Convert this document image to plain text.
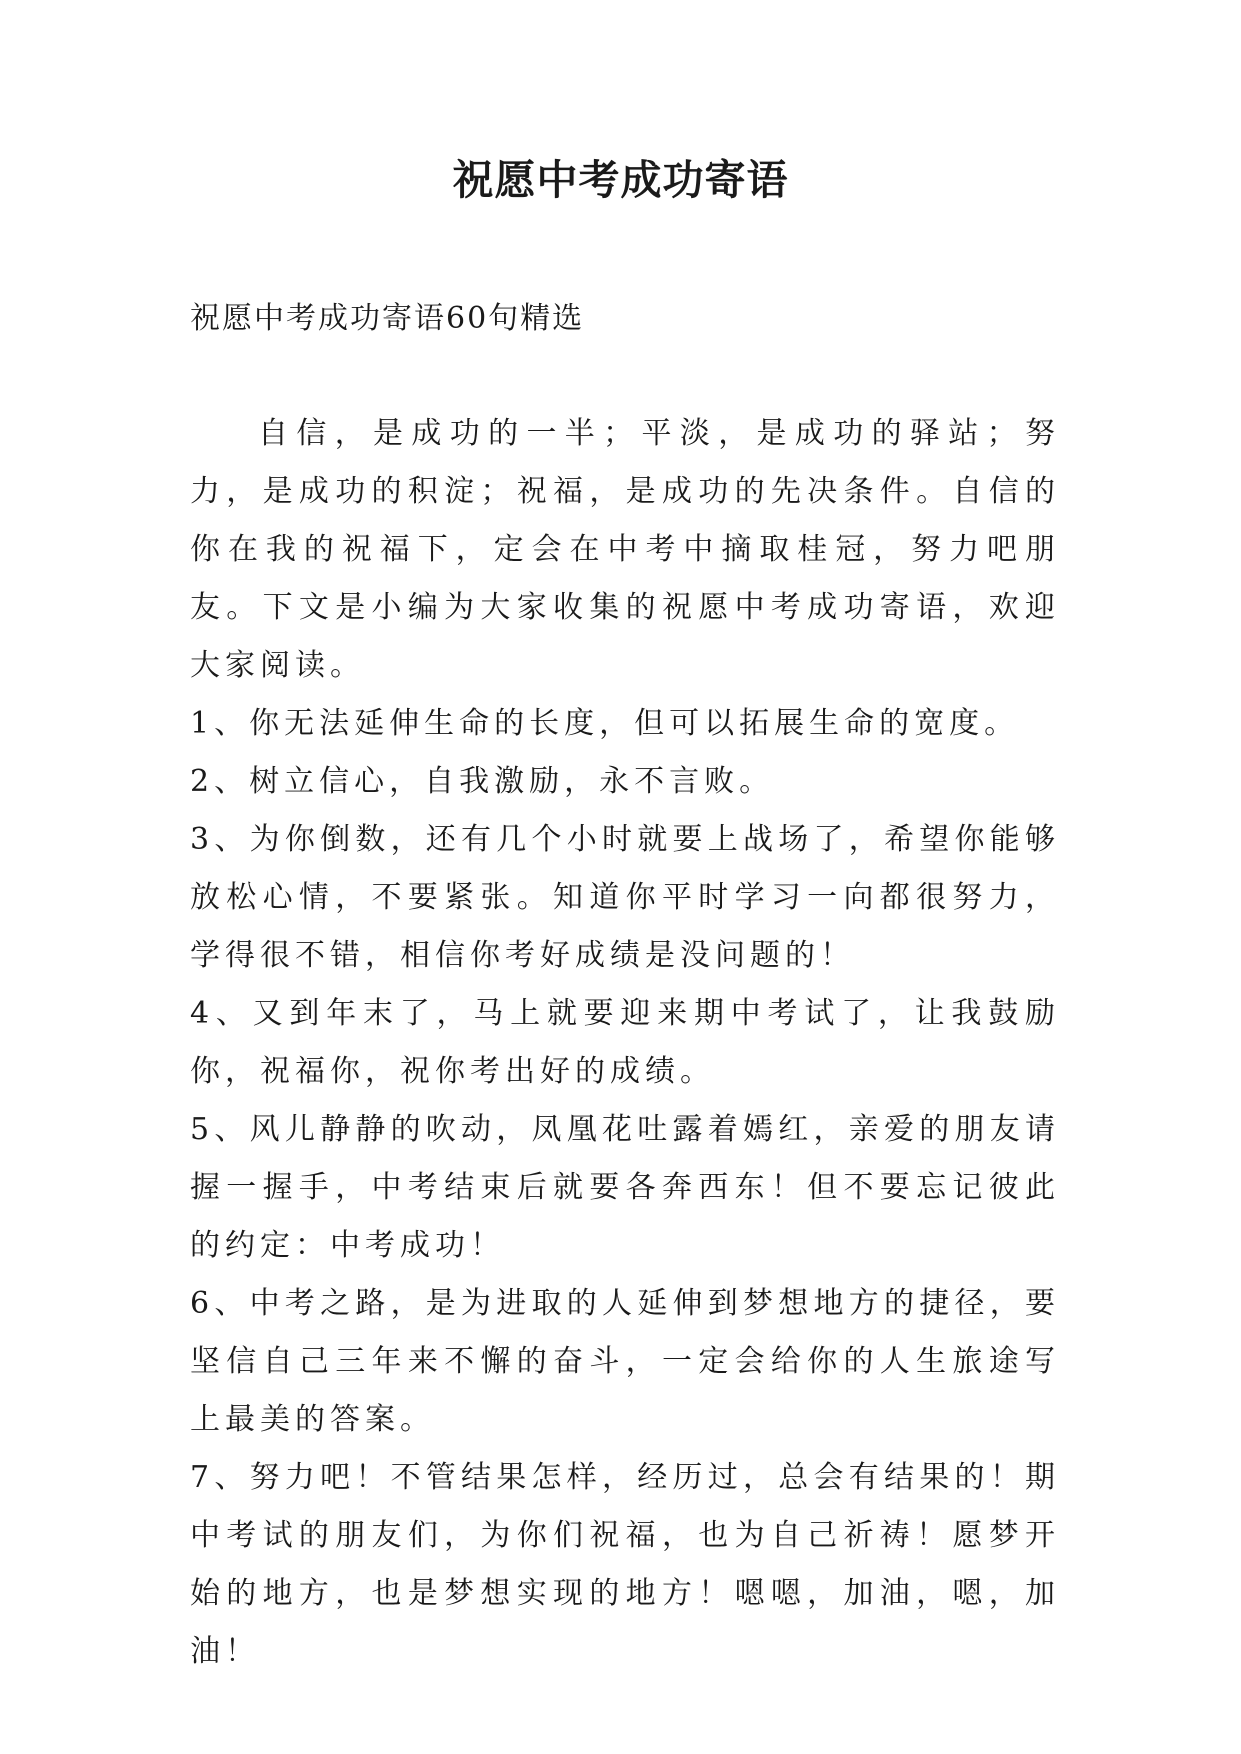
祝愿中考成功寄语
祝愿中考成功寄语60句精选

自信，是成功的一半；平淡，是成功的驿站；努力，是成功的积淀；祝福，是成功的先决条件。自信的你在我的祝福下，定会在中考中摘取桂冠，努力吧朋友。下文是小编为大家收集的祝愿中考成功寄语，欢迎大家阅读。

1、你无法延伸生命的长度，但可以拓展生命的宽度。

2、树立信心，自我激励，永不言败。

3、为你倒数，还有几个小时就要上战场了，希望你能够放松心情，不要紧张。知道你平时学习一向都很努力，学得很不错，相信你考好成绩是没问题的！

4、又到年末了，马上就要迎来期中考试了，让我鼓励你，祝福你，祝你考出好的成绩。

5、风儿静静的吹动，凤凰花吐露着嫣红，亲爱的朋友请握一握手，中考结束后就要各奔西东！但不要忘记彼此的约定：中考成功！

6、中考之路，是为进取的人延伸到梦想地方的捷径，要坚信自己三年来不懈的奋斗，一定会给你的人生旅途写上最美的答案。

7、努力吧！不管结果怎样，经历过，总会有结果的！期中考试的朋友们，为你们祝福，也为自己祈祷！愿梦开始的地方，也是梦想实现的地方！嗯嗯，加油，嗯，加油！
